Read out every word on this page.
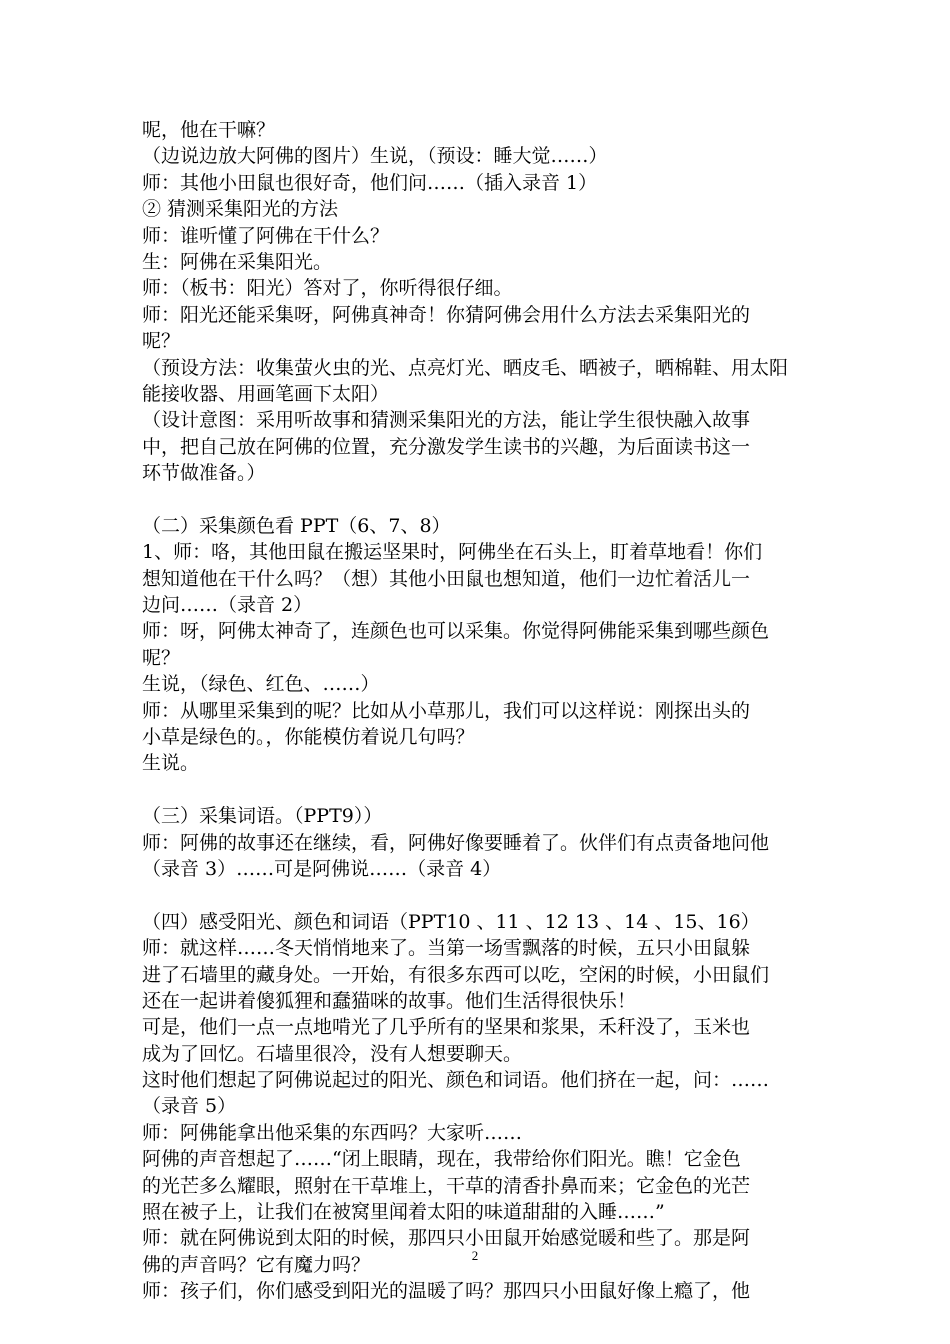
呢，他在干嘛？
（边说边放大阿佛的图片）生说，（预设：睡大觉……）
师：其他小田鼠也很好奇，他们问……（插入录音 1）
② 猜测采集阳光的方法
师：谁听懂了阿佛在干什么？
生：阿佛在采集阳光。
师：（板书：阳光）答对了，你听得很仔细。
师：阳光还能采集呀，阿佛真神奇！你猜阿佛会用什么方法去采集阳光的
呢？
（预设方法：收集萤火虫的光、点亮灯光、晒皮毛、晒被子，晒棉鞋、用太阳
能接收器、用画笔画下太阳）
（设计意图：采用听故事和猜测采集阳光的方法，能让学生很快融入故事
中，把自己放在阿佛的位置，充分激发学生读书的兴趣，为后面读书这一
环节做准备。）
（二）采集颜色看 PPT（6、7、8）
1、师：咯，其他田鼠在搬运坚果时，阿佛坐在石头上，盯着草地看！你们
想知道他在干什么吗？（想）其他小田鼠也想知道，他们一边忙着活儿一
边问……（录音 2）
师：呀，阿佛太神奇了，连颜色也可以采集。你觉得阿佛能采集到哪些颜色
呢？
生说，（绿色、红色、……）
师：从哪里采集到的呢？比如从小草那儿，我们可以这样说：刚探出头的
小草是绿色的。，你能模仿着说几句吗？
生说。
（三）采集词语。（PPT9））
师：阿佛的故事还在继续，看，阿佛好像要睡着了。伙伴们有点责备地问他
（录音 3）……可是阿佛说……（录音 4）
（四）感受阳光、颜色和词语（PPT10 、11 、12 13 、14 、15、16）
师：就这样……冬天悄悄地来了。当第一场雪飘落的时候，五只小田鼠躲
进了石墙里的藏身处。一开始，有很多东西可以吃，空闲的时候，小田鼠们
还在一起讲着傻狐狸和蠢猫咪的故事。他们生活得很快乐！
可是，他们一点一点地啃光了几乎所有的坚果和浆果，禾秆没了，玉米也
成为了回忆。石墙里很冷，没有人想要聊天。
这时他们想起了阿佛说起过的阳光、颜色和词语。他们挤在一起，问：……
（录音 5）
师：阿佛能拿出他采集的东西吗？大家听……
阿佛的声音想起了……“闭上眼睛，现在，我带给你们阳光。瞧！它金色
的光芒多么耀眼，照射在干草堆上，干草的清香扑鼻而来；它金色的光芒
照在被子上，让我们在被窝里闻着太阳的味道甜甜的入睡……”
师：就在阿佛说到太阳的时候，那四只小田鼠开始感觉暖和些了。那是阿
佛的声音吗？它有魔力吗？
师：孩子们，你们感受到阳光的温暖了吗？那四只小田鼠好像上瘾了，他
2
